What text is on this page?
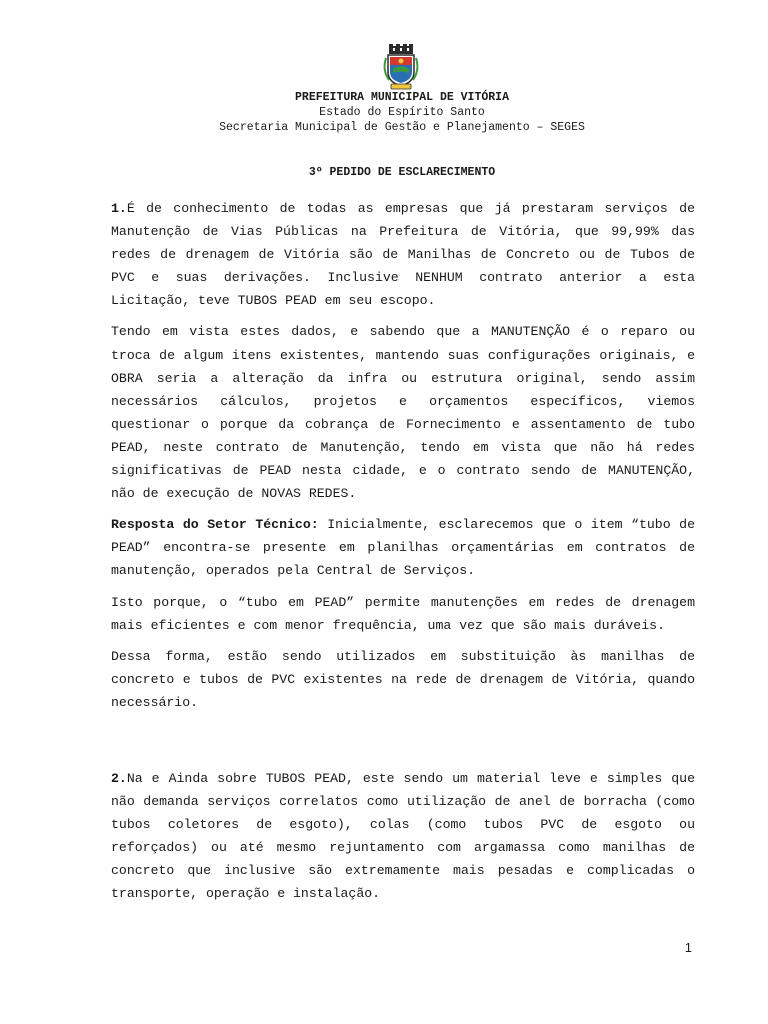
PREFEITURA MUNICIPAL DE VITÓRIA
Estado do Espírito Santo
Secretaria Municipal de Gestão e Planejamento – SEGES
3º PEDIDO DE ESCLARECIMENTO

1.É de conhecimento de todas as empresas que já prestaram serviços de Manutenção de Vias Públicas na Prefeitura de Vitória, que 99,99% das redes de drenagem de Vitória são de Manilhas de Concreto ou de Tubos de PVC e suas derivações. Inclusive NENHUM contrato anterior a esta Licitação, teve TUBOS PEAD em seu escopo.

Tendo em vista estes dados, e sabendo que a MANUTENÇÃO é o reparo ou troca de algum itens existentes, mantendo suas configurações originais, e OBRA seria a alteração da infra ou estrutura original, sendo assim necessários cálculos, projetos e orçamentos específicos, viemos questionar o porque da cobrança de Fornecimento e assentamento de tubo PEAD, neste contrato de Manutenção, tendo em vista que não há redes significativas de PEAD nesta cidade, e o contrato sendo de MANUTENÇÃO, não de execução de NOVAS REDES.

Resposta do Setor Técnico: Inicialmente, esclarecemos que o item “tubo de PEAD” encontra-se presente em planilhas orçamentárias em contratos de manutenção, operados pela Central de Serviços.

Isto porque, o “tubo em PEAD” permite manutenções em redes de drenagem mais eficientes e com menor frequência, uma vez que são mais duráveis.

Dessa forma, estão sendo utilizados em substituição às manilhas de concreto e tubos de PVC existentes na rede de drenagem de Vitória, quando necessário.

2.Na e Ainda sobre TUBOS PEAD, este sendo um material leve e simples que não demanda serviços correlatos como utilização de anel de borracha (como tubos coletores de esgoto), colas (como tubos PVC de esgoto ou reforçados) ou até mesmo rejuntamento com argamassa como manilhas de concreto que inclusive são extremamente mais pesadas e complicadas o transporte, operação e instalação.

1
